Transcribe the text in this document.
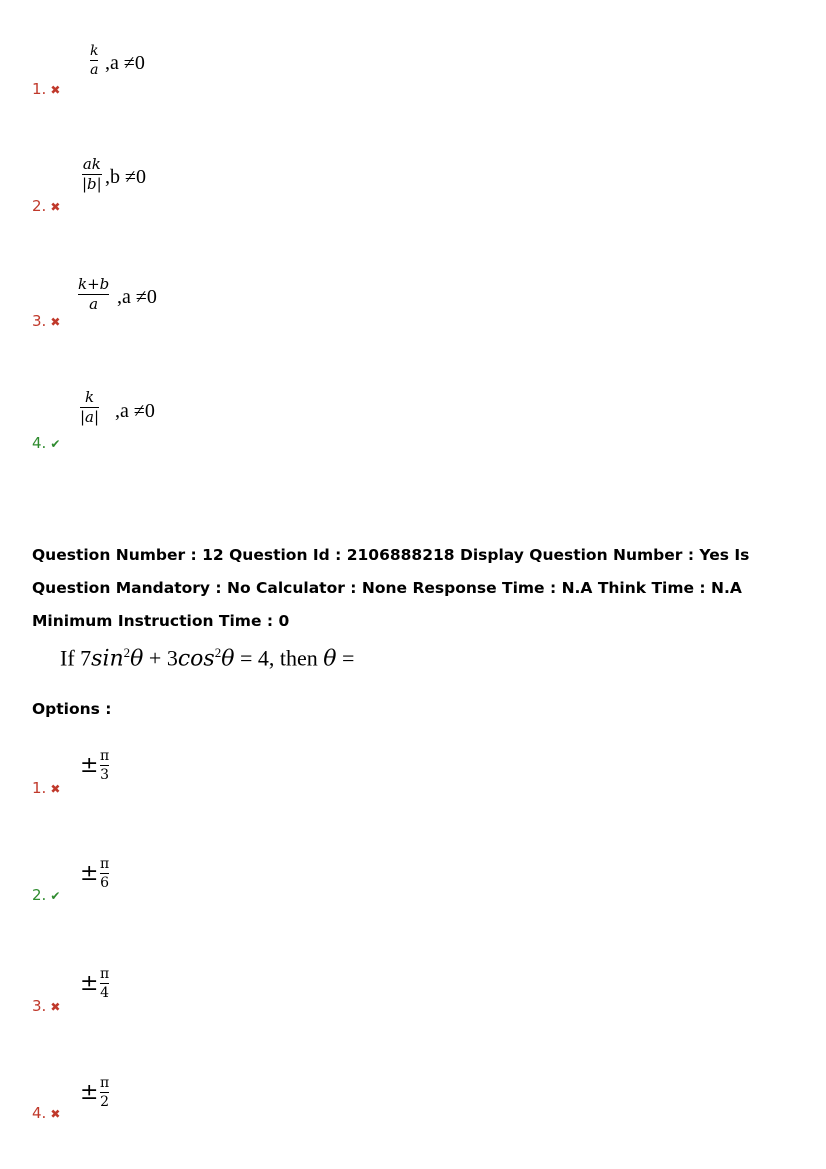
1. ✖
k
a ,a ≠0
2. ✖
ak
|b| ,b ≠0
3. ✖
k+b
a ,a ≠0
4. ✔
k
|a| ,a ≠0
Question Number : 12 Question Id : 2106888218 Display Question Number : Yes Is Question Mandatory : No Calculator : None Response Time : N.A Think Time : N.A Minimum Instruction Time : 0
If $7\sin^2\theta + 3\cos^2\theta = 4$, then θ =
Options :
1. ✖
± π
3
2. ✔
± π
6
3. ✖
± π
4
4. ✖
± π
2
